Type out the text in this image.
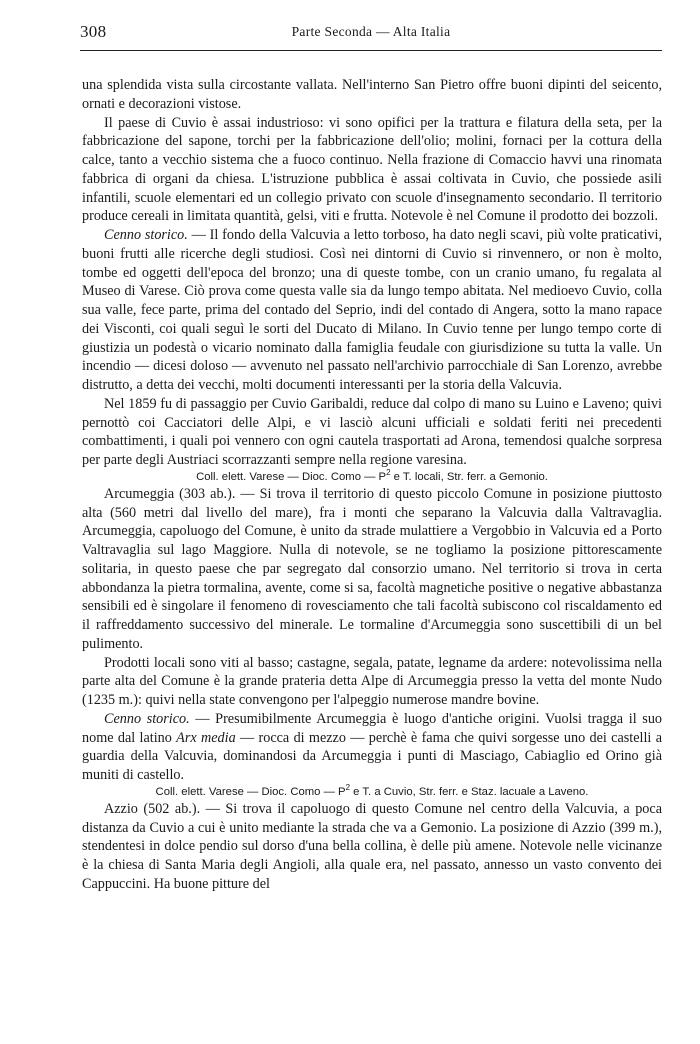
308	Parte Seconda — Alta Italia

una splendida vista sulla circostante vallata. Nell'interno San Pietro offre buoni dipinti del seicento, ornati e decorazioni vistose.

Il paese di Cuvio è assai industrioso: vi sono opifici per la trattura e filatura della seta, per la fabbricazione del sapone, torchi per la fabbricazione dell'olio; molini, fornaci per la cottura della calce, tanto a vecchio sistema che a fuoco continuo. Nella frazione di Comaccio havvi una rinomata fabbrica di organi da chiesa. L'istruzione pubblica è assai coltivata in Cuvio, che possiede asili infantili, scuole elementari ed un collegio privato con scuole d'insegnamento secondario. Il territorio produce cereali in limitata quantità, gelsi, viti e frutta. Notevole è nel Comune il prodotto dei bozzoli.

Cenno storico. — Il fondo della Valcuvia a letto torboso, ha dato negli scavi, più volte praticativi, buoni frutti alle ricerche degli studiosi. Così nei dintorni di Cuvio si rinvennero, or non è molto, tombe ed oggetti dell'epoca del bronzo; una di queste tombe, con un cranio umano, fu regalata al Museo di Varese. Ciò prova come questa valle sia da lungo tempo abitata. Nel medioevo Cuvio, colla sua valle, fece parte, prima del contado del Seprio, indi del contado di Angera, sotto la mano rapace dei Visconti, coi quali seguì le sorti del Ducato di Milano. In Cuvio tenne per lungo tempo corte di giustizia un podestà o vicario nominato dalla famiglia feudale con giurisdizione su tutta la valle. Un incendio — dicesi doloso — avvenuto nel passato nell'archivio parrocchiale di San Lorenzo, avrebbe distrutto, a detta dei vecchi, molti documenti interessanti per la storia della Valcuvia.

Nel 1859 fu di passaggio per Cuvio Garibaldi, reduce dal colpo di mano su Luino e Laveno; quivi pernottò coi Cacciatori delle Alpi, e vi lasciò alcuni ufficiali e soldati feriti nei precedenti combattimenti, i quali poi vennero con ogni cautela trasportati ad Arona, temendosi qualche sorpresa per parte degli Austriaci scorrazzanti sempre nella regione varesina.

Coll. elett. Varese — Dioc. Como — $P^2$ e T. locali, Str. ferr. a Gemonio.

Arcumeggia (303 ab.). — Si trova il territorio di questo piccolo Comune in posizione piuttosto alta (560 metri dal livello del mare), fra i monti che separano la Valcuvia dalla Valtravaglia. Arcumeggia, capoluogo del Comune, è unito da strade mulattiere a Vergobbio in Valcuvia ed a Porto Valtravaglia sul lago Maggiore. Nulla di notevole, se ne togliamo la posizione pittorescamente solitaria, in questo paese che par segregato dal consorzio umano. Nel territorio si trova in certa abbondanza la pietra tormalina, avente, come si sa, facoltà magnetiche positive o negative abbastanza sensibili ed è singolare il fenomeno di rovesciamento che tali facoltà subiscono col riscaldamento ed il raffreddamento successivo del minerale. Le tormaline d'Arcumeggia sono suscettibili di un bel pulimento.

Prodotti locali sono viti al basso; castagne, segala, patate, legname da ardere: notevolissima nella parte alta del Comune è la grande prateria detta Alpe di Arcumeggia presso la vetta del monte Nudo (1235 m.): quivi nella state convengono per l'alpeggio numerose mandre bovine.

Cenno storico. — Presumibilmente Arcumeggia è luogo d'antiche origini. Vuolsi tragga il suo nome dal latino Arx media — rocca di mezzo — perchè è fama che quivi sorgesse uno dei castelli a guardia della Valcuvia, dominandosi da Arcumeggia i punti di Masciago, Cabiaglio ed Orino già muniti di castello.

Coll. elett. Varese — Dioc. Como — $P^2$ e T. a Cuvio, Str. ferr. e Staz. lacuale a Laveno.

Azzio (502 ab.). — Si trova il capoluogo di questo Comune nel centro della Valcuvia, a poca distanza da Cuvio a cui è unito mediante la strada che va a Gemonio. La posizione di Azzio (399 m.), stendentesi in dolce pendio sul dorso d'una bella collina, è delle più amene. Notevole nelle vicinanze è la chiesa di Santa Maria degli Angioli, alla quale era, nel passato, annesso un vasto convento dei Cappuccini. Ha buone pitture del
